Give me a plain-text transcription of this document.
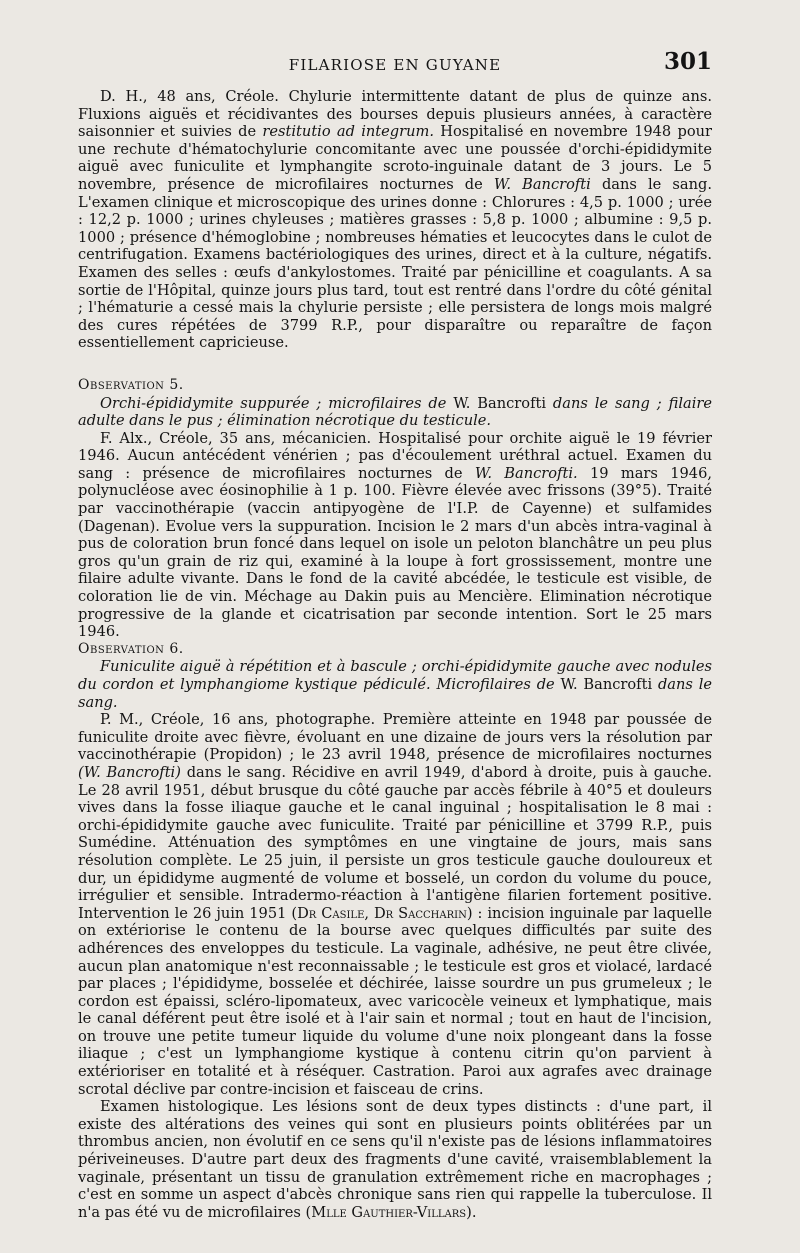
FILARIOSE EN GUYANE	301

D. H., 48 ans, Créole. Chylurie intermittente datant de plus de quinze ans. Fluxions aiguës et récidivantes des bourses depuis plusieurs années, à caractère saisonnier et suivies de restitutio ad integrum. Hospitalisé en novembre 1948 pour une rechute d'hématochylurie concomitante avec une poussée d'orchi-épididymite aiguë avec funiculite et lymphangite scroto-inguinale datant de 3 jours. Le 5 novembre, présence de microfilaires nocturnes de W. Bancrofti dans le sang. L'examen clinique et microscopique des urines donne : Chlorures : 4,5 p. 1000 ; urée : 12,2 p. 1000 ; urines chyleuses ; matières grasses : 5,8 p. 1000 ; albumine : 9,5 p. 1000 ; présence d'hémoglobine ; nombreuses hématies et leucocytes dans le culot de centrifugation. Examens bactériologiques des urines, direct et à la culture, négatifs. Examen des selles : œufs d'ankylostomes. Traité par pénicilline et coagulants. A sa sortie de l'Hôpital, quinze jours plus tard, tout est rentré dans l'ordre du côté génital ; l'hématurie a cessé mais la chylurie persiste ; elle persistera de longs mois malgré des cures répétées de 3799 R.P., pour disparaître ou reparaître de façon essentiellement capricieuse.

Observation 5.

Orchi-épididymite suppurée ; microfilaires de W. Bancrofti dans le sang ; filaire adulte dans le pus ; élimination nécrotique du testicule.

F. Alx., Créole, 35 ans, mécanicien. Hospitalisé pour orchite aiguë le 19 février 1946. Aucun antécédent vénérien ; pas d'écoulement uréthral actuel. Examen du sang : présence de microfilaires nocturnes de W. Bancrofti. 19 mars 1946, polynucléose avec éosinophilie à 1 p. 100. Fièvre élevée avec frissons (39°5). Traité par vaccinothérapie (vaccin antipyogène de l'I.P. de Cayenne) et sulfamides (Dagenan). Evolue vers la suppuration. Incision le 2 mars d'un abcès intra-vaginal à pus de coloration brun foncé dans lequel on isole un peloton blanchâtre un peu plus gros qu'un grain de riz qui, examiné à la loupe à fort grossissement, montre une filaire adulte vivante. Dans le fond de la cavité abcédée, le testicule est visible, de coloration lie de vin. Méchage au Dakin puis au Mencière. Elimination nécrotique progressive de la glande et cicatrisation par seconde intention. Sort le 25 mars 1946.

Observation 6.

Funiculite aiguë à répétition et à bascule ; orchi-épididymite gauche avec nodules du cordon et lymphangiome kystique pédiculé. Microfilaires de W. Bancrofti dans le sang.

P. M., Créole, 16 ans, photographe. Première atteinte en 1948 par poussée de funiculite droite avec fièvre, évoluant en une dizaine de jours vers la résolution par vaccinothérapie (Propidon) ; le 23 avril 1948, présence de microfilaires nocturnes (W. Bancrofti) dans le sang. Récidive en avril 1949, d'abord à droite, puis à gauche. Le 28 avril 1951, début brusque du côté gauche par accès fébrile à 40°5 et douleurs vives dans la fosse iliaque gauche et le canal inguinal ; hospitalisation le 8 mai : orchi-épididymite gauche avec funiculite. Traité par pénicilline et 3799 R.P., puis Sumédine. Atténuation des symptômes en une vingtaine de jours, mais sans résolution complète. Le 25 juin, il persiste un gros testicule gauche douloureux et dur, un épididyme augmenté de volume et bosselé, un cordon du volume du pouce, irrégulier et sensible. Intradermo-réaction à l'antigène filarien fortement positive. Intervention le 26 juin 1951 (Dr Casile, Dr Saccharin) : incision inguinale par laquelle on extériorise le contenu de la bourse avec quelques difficultés par suite des adhérences des enveloppes du testicule. La vaginale, adhésive, ne peut être clivée, aucun plan anatomique n'est reconnaissable ; le testicule est gros et violacé, lardacé par places ; l'épididyme, bosselée et déchirée, laisse sourdre un pus grumeleux ; le cordon est épaissi, scléro-lipomateux, avec varicocèle veineux et lymphatique, mais le canal déférent peut être isolé et à l'air sain et normal ; tout en haut de l'incision, on trouve une petite tumeur liquide du volume d'une noix plongeant dans la fosse iliaque ; c'est un lymphangiome kystique à contenu citrin qu'on parvient à extérioriser en totalité et à réséquer. Castration. Paroi aux agrafes avec drainage scrotal déclive par contre-incision et faisceau de crins.

Examen histologique. Les lésions sont de deux types distincts : d'une part, il existe des altérations des veines qui sont en plusieurs points oblitérées par un thrombus ancien, non évolutif en ce sens qu'il n'existe pas de lésions inflammatoires périveineuses. D'autre part deux des fragments d'une cavité, vraisemblablement la vaginale, présentant un tissu de granulation extrêmement riche en macrophages ; c'est en somme un aspect d'abcès chronique sans rien qui rappelle la tuberculose. Il n'a pas été vu de microfilaires (Mlle Gauthier-Villars).
